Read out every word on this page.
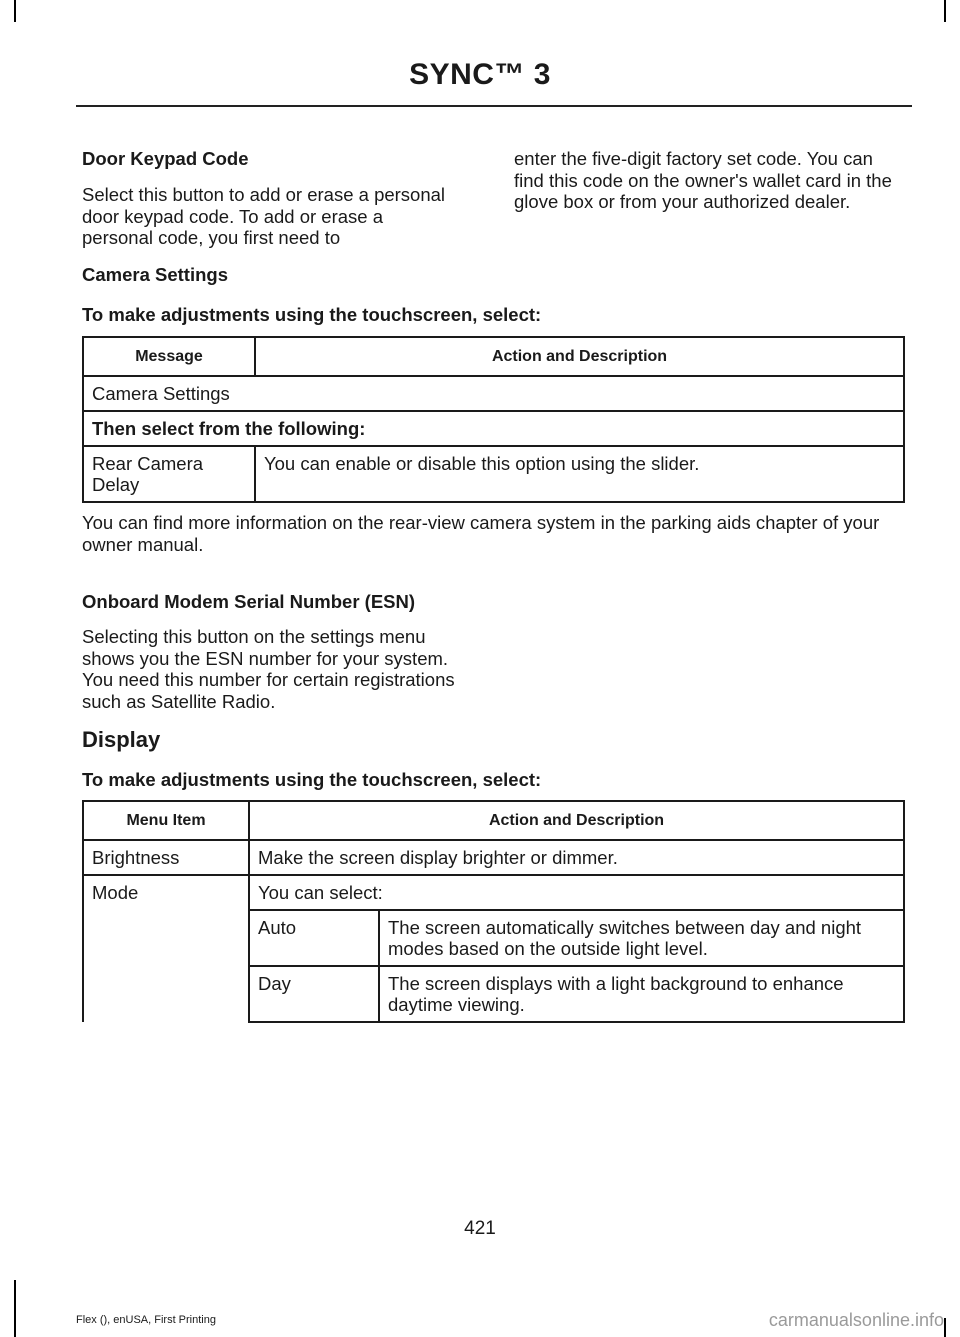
SYNC™ 3
Door Keypad Code
Select this button to add or erase a personal door keypad code. To add or erase a personal code, you first need to
enter the five-digit factory set code. You can find this code on the owner's wallet card in the glove box or from your authorized dealer.
Camera Settings
To make adjustments using the touchscreen, select:
Message	Action and Description
Camera Settings	
Then select from the following:	
Rear Camera Delay	You can enable or disable this option using the slider.
You can find more information on the rear-view camera system in the parking aids chapter of your owner manual.
Onboard Modem Serial Number (ESN)
Selecting this button on the settings menu shows you the ESN number for your system. You need this number for certain registrations such as Satellite Radio.
Display
To make adjustments using the touchscreen, select:
Menu Item	Action and Description	
Brightness	Make the screen display brighter or dimmer.	
Mode	You can select:	
	Auto	The screen automatically switches between day and night modes based on the outside light level.
	Day	The screen displays with a light background to enhance daytime viewing.
421
Flex (), enUSA, First Printing	carmanualsonline.info
